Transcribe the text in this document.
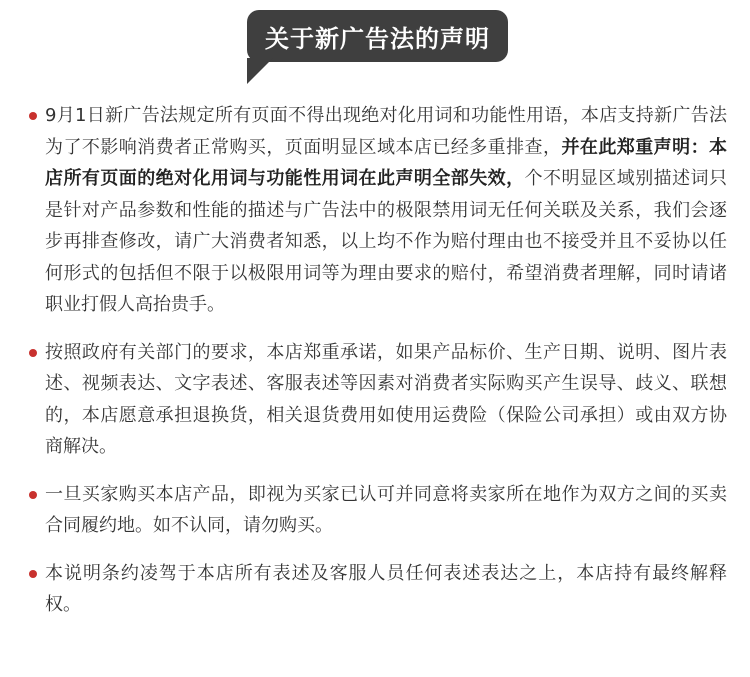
关于新广告法的声明
9月1日新广告法规定所有页面不得出现绝对化用词和功能性用语，本店支持新广告法为了不影响消费者正常购买，页面明显区域本店已经多重排查，并在此郑重声明：本店所有页面的绝对化用词与功能性用词在此声明全部失效，个不明显区域别描述词只是针对产品参数和性能的描述与广告法中的极限禁用词无任何关联及关系，我们会逐步再排查修改，请广大消费者知悉，以上均不作为赔付理由也不接受并且不妥协以任何形式的包括但不限于以极限用词等为理由要求的赔付，希望消费者理解，同时请诸职业打假人高抬贵手。
按照政府有关部门的要求，本店郑重承诺，如果产品标价、生产日期、说明、图片表述、视频表达、文字表述、客服表述等因素对消费者实际购买产生误导、歧义、联想的，本店愿意承担退换货，相关退货费用如使用运费险（保险公司承担）或由双方协商解决。
一旦买家购买本店产品，即视为买家已认可并同意将卖家所在地作为双方之间的买卖合同履约地。如不认同，请勿购买。
本说明条约凌驾于本店所有表述及客服人员任何表述表达之上，本店持有最终解释权。
